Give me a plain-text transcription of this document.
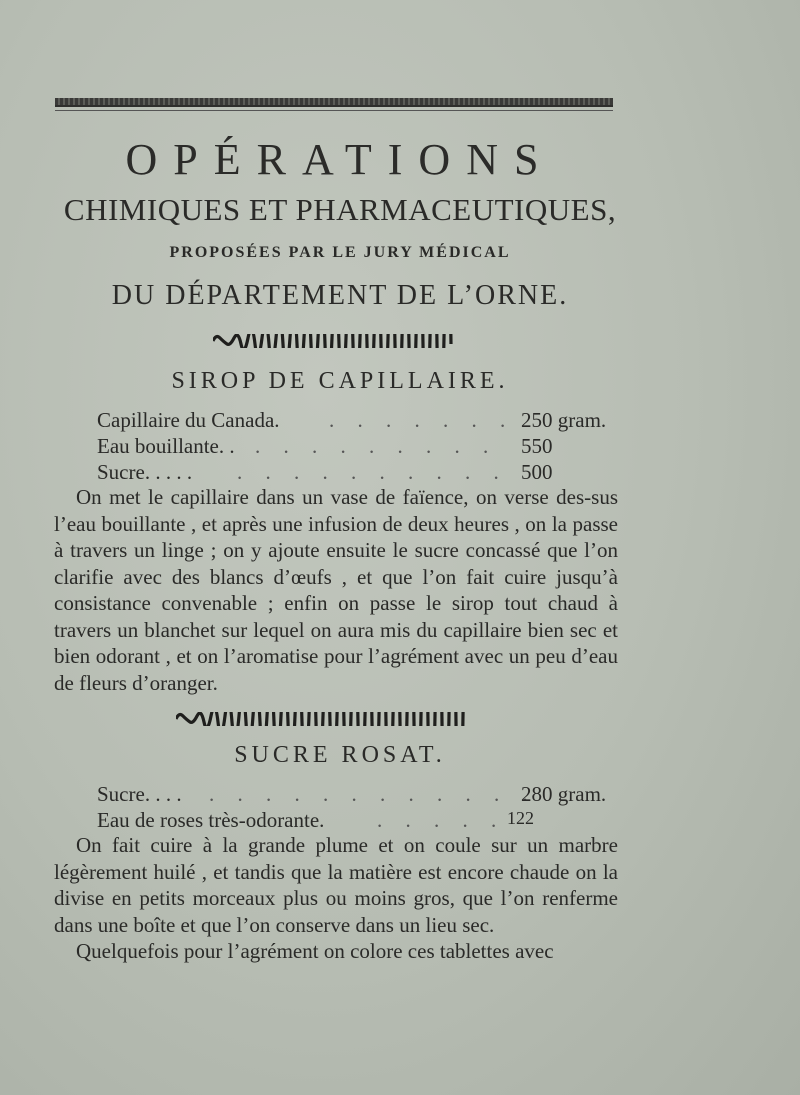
OPÉRATIONS
CHIMIQUES ET PHARMACEUTIQUES,
PROPOSÉES PAR LE JURY MÉDICAL
DU DÉPARTEMENT DE L’ORNE.
SIROP DE CAPILLAIRE.
Capillaire du Canada. . . . . . . . 250 gram.
Eau bouillante. . . . . . . . . . . 550
Sucre. . . . . . . . . . . . . . . 500
On met le capillaire dans un vase de faïence, on verse des-sus l’eau bouillante , et après une infusion de deux heures , on la passe à travers un linge ; on y ajoute ensuite le sucre concassé que l’on clarifie avec des blancs d’œufs , et que l’on fait cuire jusqu’à consistance convenable ; enfin on passe le sirop tout chaud à travers un blanchet sur lequel on aura mis du capillaire bien sec et bien odorant , et on l’aromatise pour l’agrément avec un peu d’eau de fleurs d’oranger.
SUCRE ROSAT.
Sucre. . . . . . . . . . . . . . . .
280 gram.
Eau de roses très-odorante.	. . . . . 122
On fait cuire à la grande plume et on coule sur un marbre légèrement huilé , et tandis que la matière est encore chaude on la divise en petits morceaux plus ou moins gros, que l’on renferme dans une boîte et que l’on conserve dans un lieu sec.
Quelquefois pour l’agrément on colore ces tablettes avec
